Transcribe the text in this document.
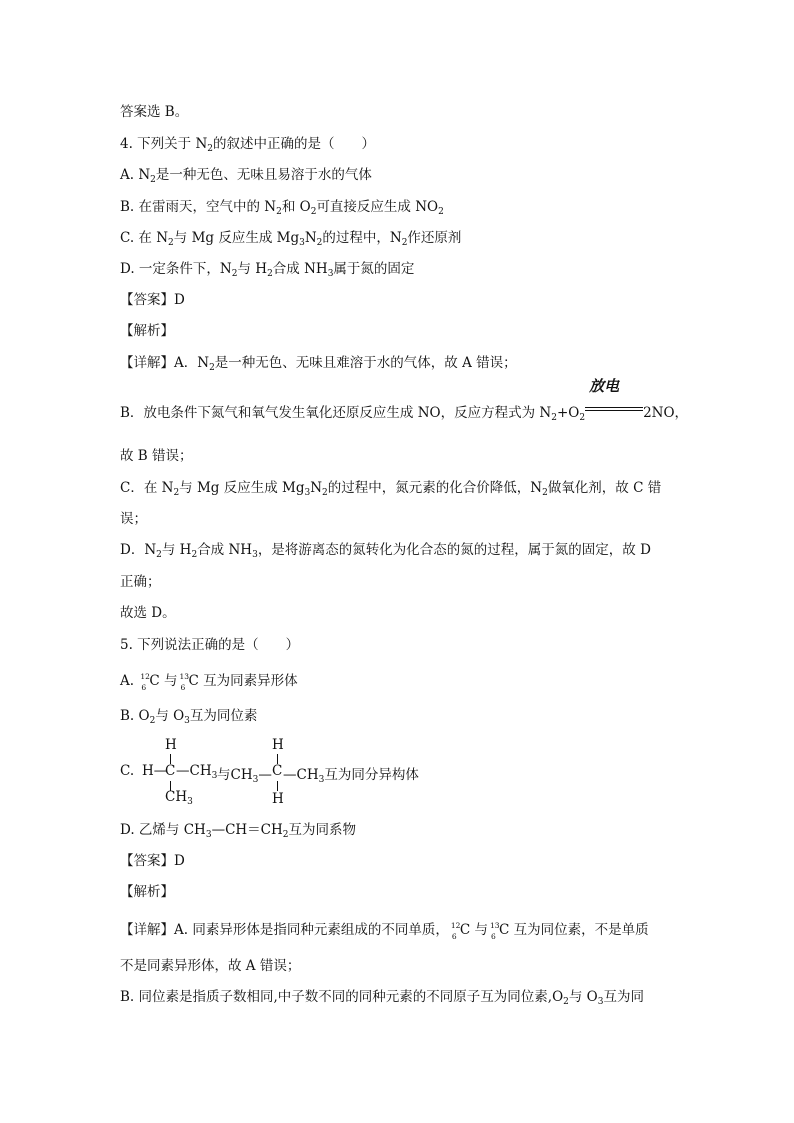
答案选 B。
4. 下列关于 $N_2$的叙述中正确的是（　　）
A. $N_2$是一种无色、无味且易溶于水的气体
B. 在雷雨天，空气中的 $N_2$和 $O_2$可直接反应生成 $NO_2$
C. 在 $N_2$与 Mg 反应生成 $Mg_3N_2$的过程中，$N_2$作还原剂
D. 一定条件下，$N_2$与 $H_2$合成 $NH_3$属于氮的固定
【答案】D
【解析】
【详解】A．$N_2$是一种无色、无味且难溶于水的气体，故 A 错误；
B．放电条件下氮气和氧气发生氧化还原反应生成 NO，反应方程式为 $N_2+O_2$
放电
2NO，
故 B 错误；
C．在 $N_2$与 Mg 反应生成 $Mg_3N_2$的过程中，氮元素的化合价降低，$N_2$做氧化剂，故 C 错
误；
D．$N_2$与 $H_2$合成 $NH_3$，是将游离态的氮转化为化合态的氮的过程，属于氮的固定，故 D
正确；
故选 D。
5. 下列说法正确的是（　　）
A. 12
6 C 与 13
6 C 互为同素异形体
B. $O_2$与 $O_3$互为同位素
C.
H
H—
C $—CH_3$
$CH_3$
与$CH_3—$
H
C $—CH_3$互为同分异构体
H
D. 乙烯与 $CH_3—CH=CH_2$互为同系物
【答案】D
【解析】
【详解】A. 同素异形体是指同种元素组成的不同单质， 12
6 C 与 13
6 C 互为同位素，不是单质
不是同素异形体，故 A 错误；
B. 同位素是指质子数相同,中子数不同的同种元素的不同原子互为同位素$,O_2$与 $O_3$互为同
